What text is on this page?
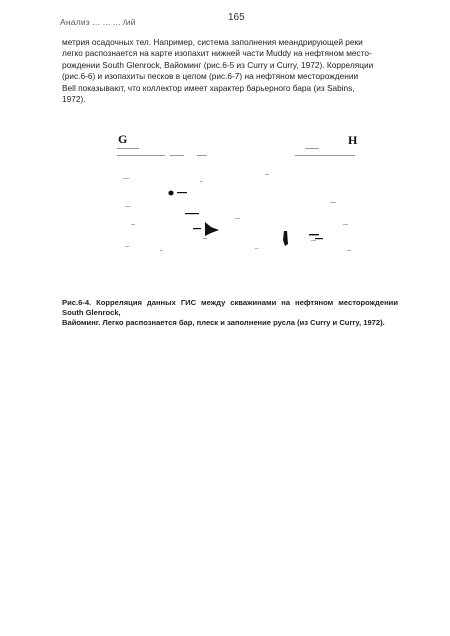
Анализ ... ... ... /ий	165

метрия осадочных тел. Например, система заполнения меандрирующей реки

легко распознается на карте изопахит нижней части Muddy на нефтяном место-

рождении South Glenrock, Вайоминг (рис.6-5 из Curry и Curry, 1972). Корреляции

(рис.6-6) и изопахиты песков в целом (рис.6-7) на нефтяном месторождении

Bell показывают, что коллектор имеет характер барьерного бара (из Sabins,

1972).

G	H
Рис.6-4. Корреляция данных ГИС между скважинами на нефтяном месторождении South Glenrock,
Вайоминг. Легко распознается бар, плеск и заполнение русла (из Curry и Curry, 1972).
